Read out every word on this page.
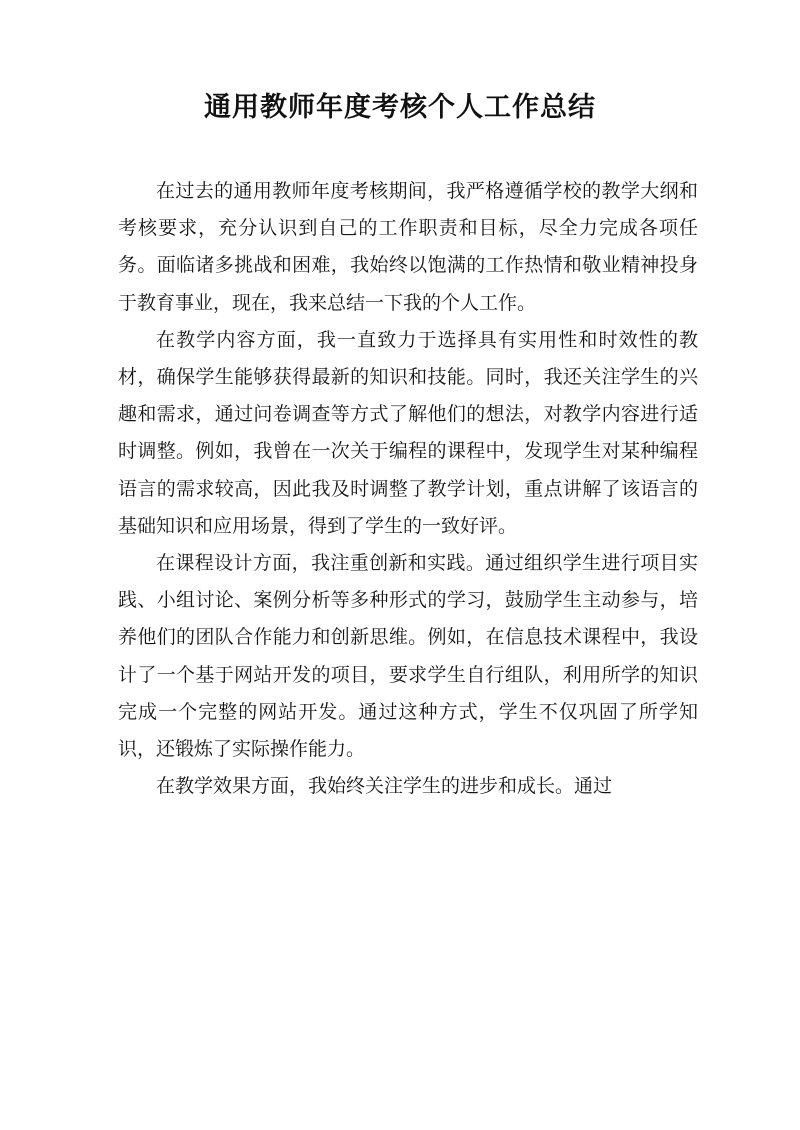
通用教师年度考核个人工作总结

在过去的通用教师年度考核期间，我严格遵循学校的教学大纲和考核要求，充分认识到自己的工作职责和目标，尽全力完成各项任务。面临诸多挑战和困难，我始终以饱满的工作热情和敬业精神投身于教育事业，现在，我来总结一下我的个人工作。

在教学内容方面，我一直致力于选择具有实用性和时效性的教材，确保学生能够获得最新的知识和技能。同时，我还关注学生的兴趣和需求，通过问卷调查等方式了解他们的想法，对教学内容进行适时调整。例如，我曾在一次关于编程的课程中，发现学生对某种编程语言的需求较高，因此我及时调整了教学计划，重点讲解了该语言的基础知识和应用场景，得到了学生的一致好评。

在课程设计方面，我注重创新和实践。通过组织学生进行项目实践、小组讨论、案例分析等多种形式的学习，鼓励学生主动参与，培养他们的团队合作能力和创新思维。例如，在信息技术课程中，我设计了一个基于网站开发的项目，要求学生自行组队，利用所学的知识完成一个完整的网站开发。通过这种方式，学生不仅巩固了所学知识，还锻炼了实际操作能力。

在教学效果方面，我始终关注学生的进步和成长。通过
